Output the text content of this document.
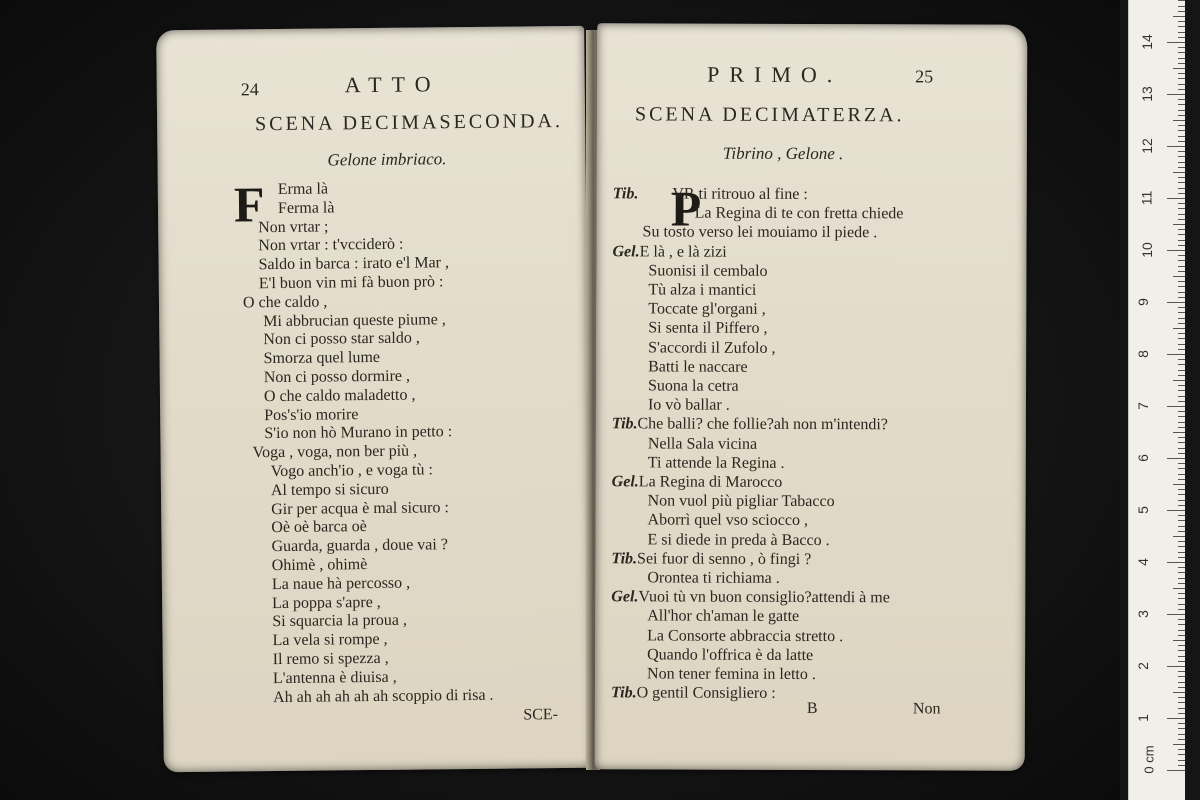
24	ATTO
SCENA DECIMASECONDA.
Gelone imbriaco.
F Erma là
Ferma là
Non vrtar ;
Non vrtar : t'vcciderò :
Saldo in barca : irato e'l Mar ,
E'l buon vin mi fà buon prò :
O che caldo ,
Mi abbrucian queste piume ,
Non ci posso star saldo ,
Smorza quel lume
Non ci posso dormire ,
O che caldo maladetto ,
Pos's'io morire
S'io non hò Murano in petto :
Voga , voga, non ber più ,
Vogo anch'io , e voga tù :
Al tempo si sicuro
Gir per acqua è mal sicuro :
Oè oè barca oè
Guarda, guarda , doue vai ?
Ohimè , ohimè
La naue hà percosso ,
La poppa s'apre ,
Si squarcia la proua ,
La vela si rompe ,
Il remo si spezza ,
L'antenna è diuisa ,
Ah ah ah ah ah ah scoppio di risa .
SCE-
PRIMO.	25
SCENA DECIMATERZA.
Tibrino , Gelone .
P
Tib. VR ti ritrouo al fine :
La Regina di te con fretta chiede
Su tosto verso lei mouiamo il piede .
Gel.E là , e là zizi
Suonisi il cembalo
Tù alza i mantici
Toccate gl'organi ,
Si senta il Piffero ,
S'accordi il Zufolo ,
Batti le naccare
Suona la cetra
Io vò ballar .
Tib.Che balli? che follie?ah non m'intendi?
Nella Sala vicina
Ti attende la Regina .
Gel.La Regina di Marocco
Non vuol più pigliar Tabacco
Aborrì quel vso sciocco ,
E si diede in preda à Bacco .
Tib.Sei fuor di senno , ò fingi ?
Orontea ti richiama .
Gel.Vuoi tù vn buon consiglio?attendi à me
All'hor ch'aman le gatte
La Consorte abbraccia stretto .
Quando l'offrica è da latte
Non tener femina in letto .
Tib.O gentil Consigliero :
B	Non
0 cm
1
2
3
4
5
6
7
8
9
10
11
12
13
14
